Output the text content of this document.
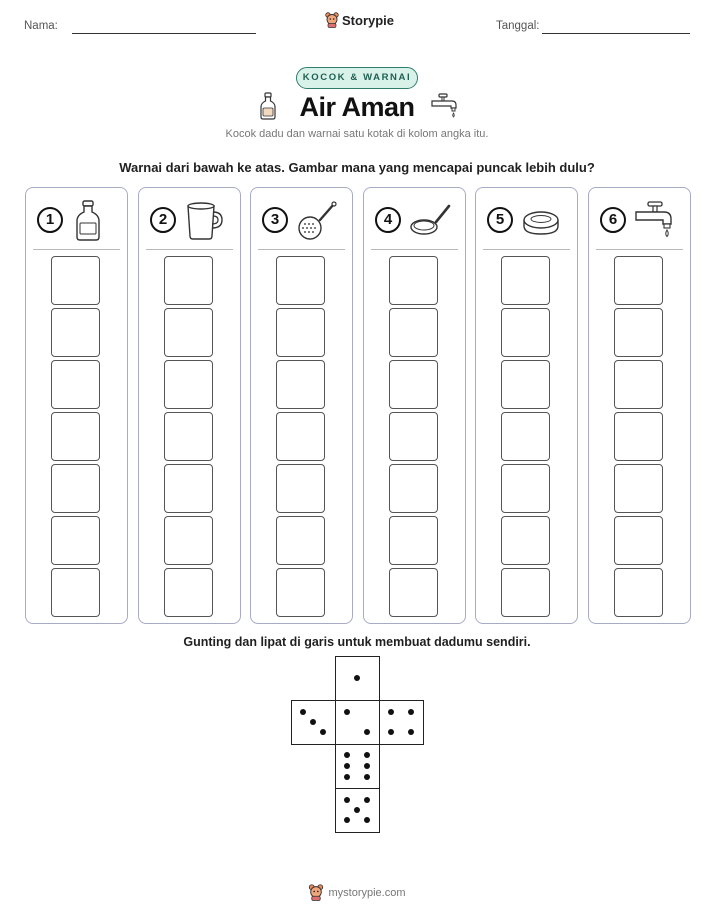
Nama:	Storypie	Tanggal:
KOCOK & WARNAI
Air Aman
Kocok dadu dan warnai satu kotak di kolom angka itu.
Warnai dari bawah ke atas. Gambar mana yang mencapai puncak lebih dulu?
1	2	3	4	5	6
Gunting dan lipat di garis untuk membuat dadumu sendiri.
mystorypie.com
